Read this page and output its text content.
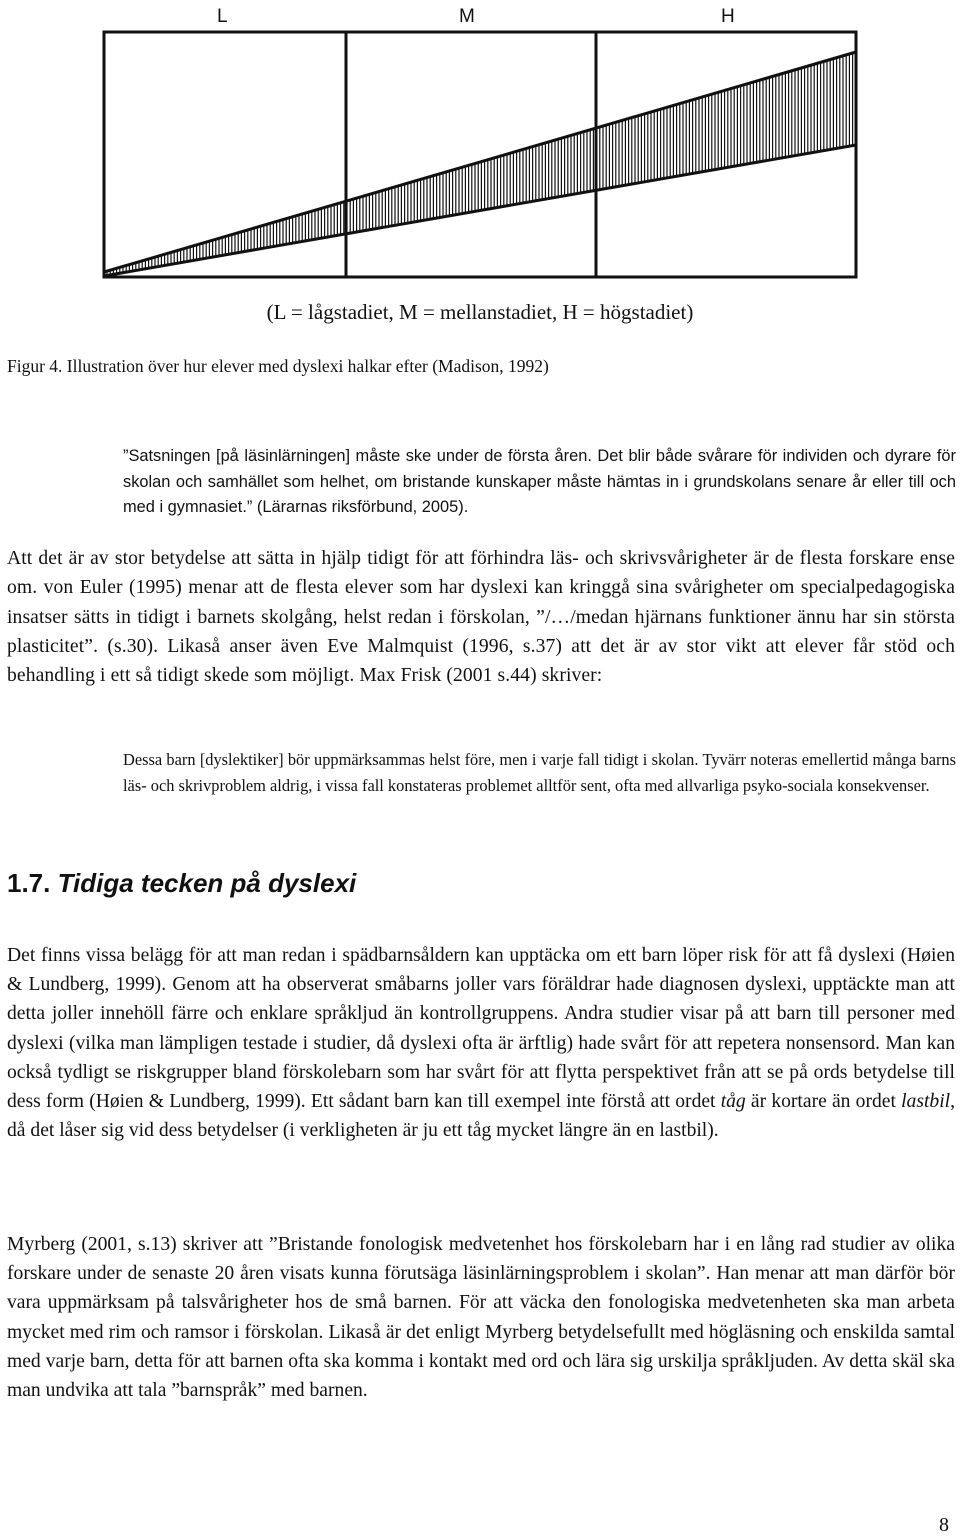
L	M	H
(L = lågstadiet, M = mellanstadiet, H = högstadiet)
Figur 4. Illustration över hur elever med dyslexi halkar efter (Madison, 1992)
”Satsningen [på läsinlärningen] måste ske under de första åren. Det blir både svårare för individen och dyrare för skolan och samhället som helhet, om bristande kunskaper måste hämtas in i grundskolans senare år eller till och med i gymnasiet.” (Lärarnas riksförbund, 2005).
Att det är av stor betydelse att sätta in hjälp tidigt för att förhindra läs- och skrivsvårigheter är de flesta forskare ense om. von Euler (1995) menar att de flesta elever som har dyslexi kan kringgå sina svårigheter om specialpedagogiska insatser sätts in tidigt i barnets skolgång, helst redan i förskolan, ”/…/medan hjärnans funktioner ännu har sin största plasticitet”. (s.30). Likaså anser även Eve Malmquist (1996, s.37) att det är av stor vikt att elever får stöd och behandling i ett så tidigt skede som möjligt. Max Frisk (2001 s.44) skriver:
Dessa barn [dyslektiker] bör uppmärksammas helst före, men i varje fall tidigt i skolan. Tyvärr noteras emellertid många barns läs- och skrivproblem aldrig, i vissa fall konstateras problemet alltför sent, ofta med allvarliga psyko-sociala konsekvenser.
1.7. Tidiga tecken på dyslexi
Det finns vissa belägg för att man redan i spädbarnsåldern kan upptäcka om ett barn löper risk för att få dyslexi (Høien & Lundberg, 1999). Genom att ha observerat småbarns joller vars föräldrar hade diagnosen dyslexi, upptäckte man att detta joller innehöll färre och enklare språkljud än kontrollgruppens. Andra studier visar på att barn till personer med dyslexi (vilka man lämpligen testade i studier, då dyslexi ofta är ärftlig) hade svårt för att repetera nonsensord. Man kan också tydligt se riskgrupper bland förskolebarn som har svårt för att flytta perspektivet från att se på ords betydelse till dess form (Høien & Lundberg, 1999). Ett sådant barn kan till exempel inte förstå att ordet tåg är kortare än ordet lastbil, då det låser sig vid dess betydelser (i verkligheten är ju ett tåg mycket längre än en lastbil).
Myrberg (2001, s.13) skriver att ”Bristande fonologisk medvetenhet hos förskolebarn har i en lång rad studier av olika forskare under de senaste 20 åren visats kunna förutsäga läsinlärningsproblem i skolan”. Han menar att man därför bör vara uppmärksam på talsvårigheter hos de små barnen. För att väcka den fonologiska medvetenheten ska man arbeta mycket med rim och ramsor i förskolan. Likaså är det enligt Myrberg betydelsefullt med högläsning och enskilda samtal med varje barn, detta för att barnen ofta ska komma i kontakt med ord och lära sig urskilja språkljuden. Av detta skäl ska man undvika att tala ”barnspråk” med barnen.
8
